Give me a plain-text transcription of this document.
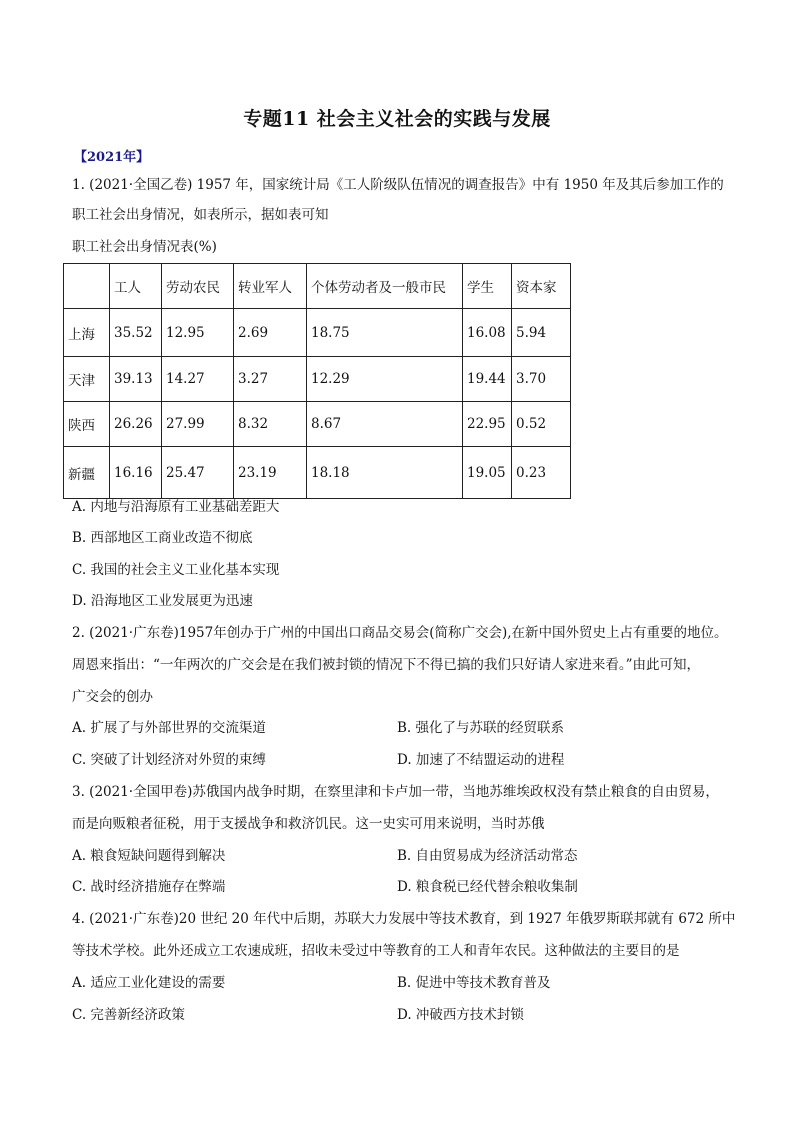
专题11 社会主义社会的实践与发展
【2021年】
1. (2021·全国乙卷) 1957 年，国家统计局《工人阶级队伍情况的调查报告》中有 1950 年及其后参加工作的
职工社会出身情况，如表所示，据如表可知
职工社会出身情况表(%)
	工人	劳动农民	转业军人	个体劳动者及一般市民	学生	资本家
上海	35.52	12.95	2.69	18.75	16.08	5.94
天津	39.13	14.27	3.27	12.29	19.44	3.70
陕西	26.26	27.99	8.32	8.67	22.95	0.52
新疆	16.16	25.47	23.19	18.18	19.05	0.23
A. 内地与沿海原有工业基础差距大
B. 西部地区工商业改造不彻底
C. 我国的社会主义工业化基本实现
D. 沿海地区工业发展更为迅速
2. (2021·广东卷)1957年创办于广州的中国出口商品交易会(简称广交会),在新中国外贸史上占有重要的地位。
周恩来指出：“一年两次的广交会是在我们被封锁的情况下不得已搞的我们只好请人家进来看。”由此可知，
广交会的创办
A. 扩展了与外部世界的交流渠道	B. 强化了与苏联的经贸联系
C. 突破了计划经济对外贸的束缚	D. 加速了不结盟运动的进程
3. (2021·全国甲卷)苏俄国内战争时期，在察里津和卡卢加一带，当地苏维埃政权没有禁止粮食的自由贸易，
而是向贩粮者征税，用于支援战争和救济饥民。这一史实可用来说明，当时苏俄
A. 粮食短缺问题得到解决	B. 自由贸易成为经济活动常态
C. 战时经济措施存在弊端	D. 粮食税已经代替余粮收集制
4. (2021·广东卷)20 世纪 20 年代中后期，苏联大力发展中等技术教育，到 1927 年俄罗斯联邦就有 672 所中
等技术学校。此外还成立工农速成班，招收未受过中等教育的工人和青年农民。这种做法的主要目的是
A. 适应工业化建设的需要	B. 促进中等技术教育普及
C. 完善新经济政策	D. 冲破西方技术封锁
